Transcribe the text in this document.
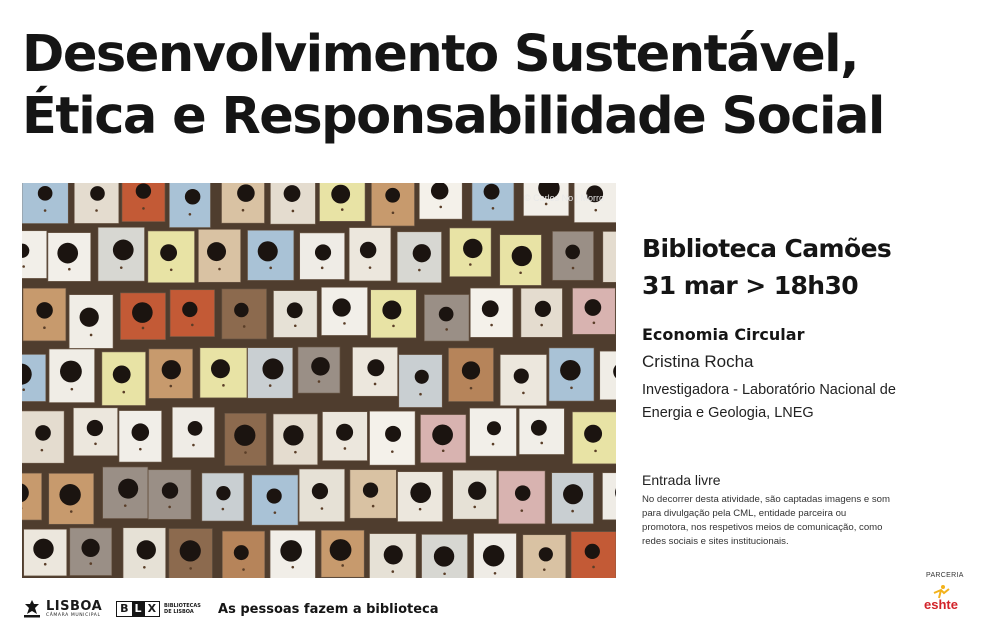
Desenvolvimento Sustentável,
Ética e Responsabilidade Social
© Carlos No | Morro
Biblioteca Camões
31 mar > 18h30
Economia Circular
Cristina Rocha
Investigadora - Laboratório Nacional de Energia e Geologia, LNEG
Entrada livre
No decorrer desta atividade, são captadas imagens e som para divulgação pela CML, entidade parceira ou promotora, nos respetivos meios de comunicação, como redes sociais e sites institucionais.
LISBOA
CÂMARA MUNICIPAL B L X	BIBLIOTECAS DE LISBOA	As pessoas fazem a biblioteca
PARCERIA
eshte
